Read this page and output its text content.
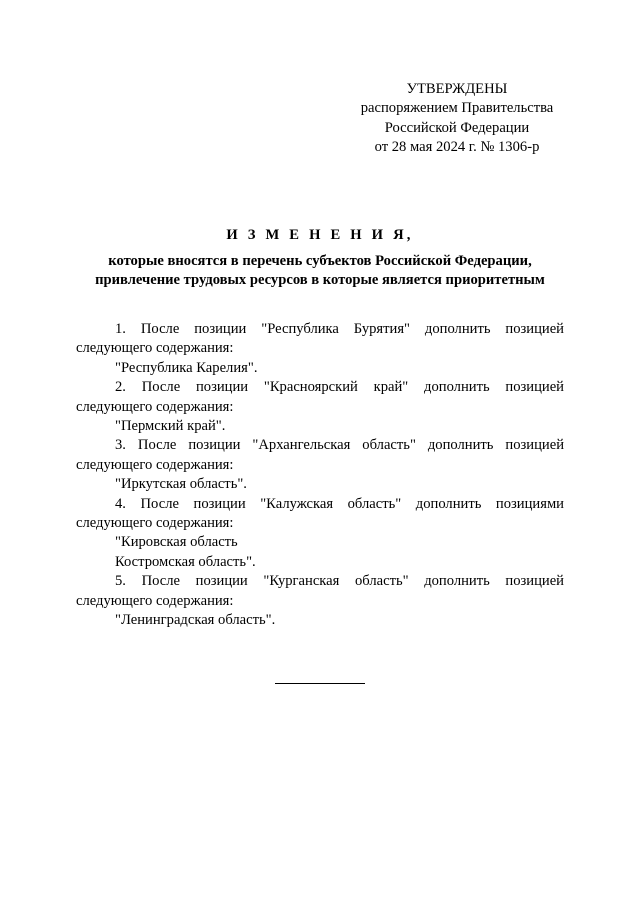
УТВЕРЖДЕНЫ
распоряжением Правительства
Российской Федерации
от 28 мая 2024 г. № 1306-р
И З М Е Н Е Н И Я,
которые вносятся в перечень субъектов Российской Федерации,
привлечение трудовых ресурсов в которые является приоритетным
1. После позиции "Республика Бурятия" дополнить позицией
следующего содержания:
"Республика Карелия".
2. После позиции "Красноярский край" дополнить позицией
следующего содержания:
"Пермский край".
3. После позиции "Архангельская область" дополнить позицией
следующего содержания:
"Иркутская область".
4. После позиции "Калужская область" дополнить позициями
следующего содержания:
"Кировская область
Костромская область".
5. После позиции "Курганская область" дополнить позицией
следующего содержания:
"Ленинградская область".
